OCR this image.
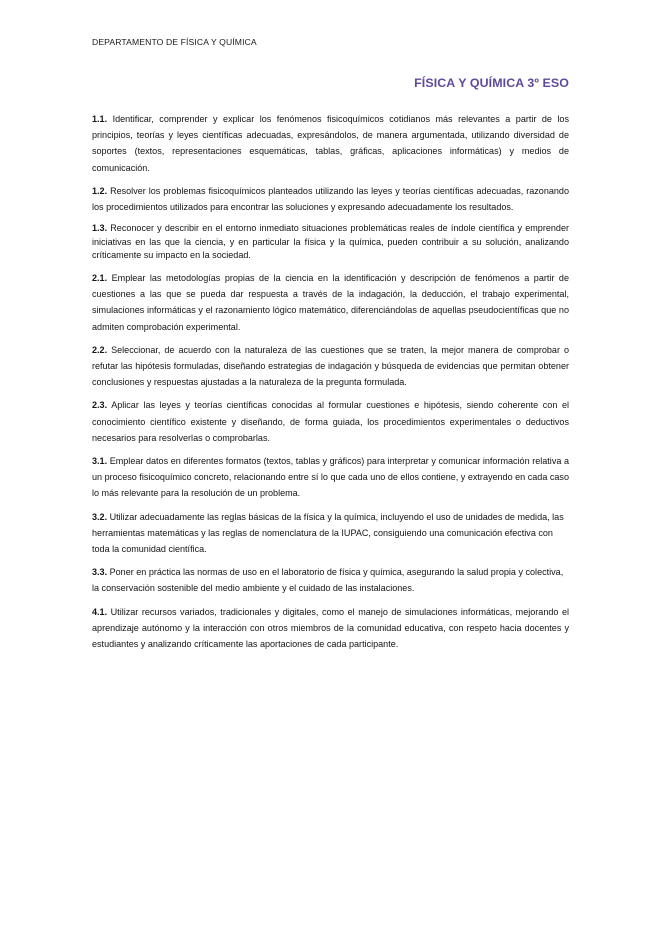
DEPARTAMENTO DE FÍSICA Y QUÍMICA
FÍSICA Y QUÍMICA 3º ESO

1.1. Identificar, comprender y explicar los fenómenos fisicoquímicos cotidianos más relevantes a partir de los principios, teorías y leyes científicas adecuadas, expresándolos, de manera argumentada, utilizando diversidad de soportes (textos, representaciones esquemáticas, tablas, gráficas, aplicaciones informáticas) y medios de comunicación.

1.2. Resolver los problemas fisicoquímicos planteados utilizando las leyes y teorías científicas adecuadas, razonando los procedimientos utilizados para encontrar las soluciones y expresando adecuadamente los resultados.

1.3. Reconocer y describir en el entorno inmediato situaciones problemáticas reales de índole científica y emprender iniciativas en las que la ciencia, y en particular la física y la química, pueden contribuir a su solución, analizando críticamente su impacto en la sociedad.

2.1. Emplear las metodologías propias de la ciencia en la identificación y descripción de fenómenos a partir de cuestiones a las que se pueda dar respuesta a través de la indagación, la deducción, el trabajo experimental, simulaciones informáticas y el razonamiento lógico matemático, diferenciándolas de aquellas pseudocientíficas que no admiten comprobación experimental.

2.2. Seleccionar, de acuerdo con la naturaleza de las cuestiones que se traten, la mejor manera de comprobar o refutar las hipótesis formuladas, diseñando estrategias de indagación y búsqueda de evidencias que permitan obtener conclusiones y respuestas ajustadas a la naturaleza de la pregunta formulada.

2.3. Aplicar las leyes y teorías científicas conocidas al formular cuestiones e hipótesis, siendo coherente con el conocimiento científico existente y diseñando, de forma guiada, los procedimientos experimentales o deductivos necesarios para resolverlas o comprobarlas.

3.1. Emplear datos en diferentes formatos (textos, tablas y gráficos) para interpretar y comunicar información relativa a un proceso fisicoquímico concreto, relacionando entre sí lo que cada uno de ellos contiene, y extrayendo en cada caso lo más relevante para la resolución de un problema.

3.2. Utilizar adecuadamente las reglas básicas de la física y la química, incluyendo el uso de unidades de medida, las herramientas matemáticas y las reglas de nomenclatura de la IUPAC, consiguiendo una comunicación efectiva con toda la comunidad científica.

3.3. Poner en práctica las normas de uso en el laboratorio de física y química, asegurando la salud propia y colectiva, la conservación sostenible del medio ambiente y el cuidado de las instalaciones.

4.1. Utilizar recursos variados, tradicionales y digitales, como el manejo de simulaciones informáticas, mejorando el aprendizaje autónomo y la interacción con otros miembros de la comunidad educativa, con respeto hacia docentes y estudiantes y analizando críticamente las aportaciones de cada participante.
